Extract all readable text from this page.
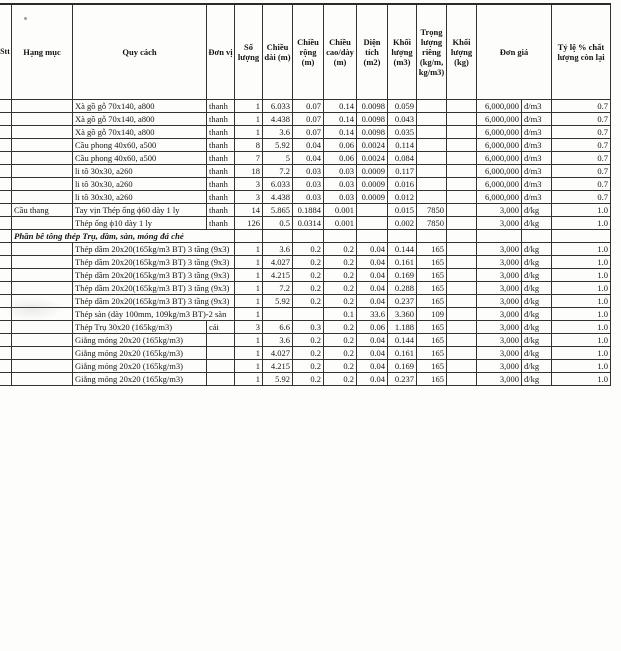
Stt	Hạng mục	Quy cách	Đơn vị	Số lượng	Chiều dài (m)	Chiều rộng (m)	Chiều cao/dày (m)	Diện tích (m2)	Khối lượng (m3)	Trọng lượng riêng (kg/m, kg/m3)	Khối lượng (kg)	Đơn giá		Tỷ lệ % chất lượng còn lại
		Xà gồ gỗ 70x140, a800	thanh	1	6.033	0.07	0.14	0.0098	0.059			6,000,000	đ/m3	0.7
		Xà gồ gỗ 70x140, a800	thanh	1	4.438	0.07	0.14	0.0098	0.043			6,000,000	đ/m3	0.7
		Xà gồ gỗ 70x140, a800	thanh	1	3.6	0.07	0.14	0.0098	0.035			6,000,000	đ/m3	0.7
		Cầu phong 40x60, a500	thanh	8	5.92	0.04	0.06	0.0024	0.114			6,000,000	đ/m3	0.7
		Cầu phong 40x60, a500	thanh	7	5	0.04	0.06	0.0024	0.084			6,000,000	đ/m3	0.7
		li tô 30x30, a260	thanh	18	7.2	0.03	0.03	0.0009	0.117			6,000,000	đ/m3	0.7
		li tô 30x30, a260	thanh	3	6.033	0.03	0.03	0.0009	0.016			6,000,000	đ/m3	0.7
		li tô 30x30, a260	thanh	3	4.438	0.03	0.03	0.0009	0.012			6,000,000	đ/m3	0.7
	Cầu thang	Tay vịn Thép ống ϕ60 dày 1 ly	thanh	14	5.865	0.1884	0.001		0.015	7850		3,000	đ/kg	1.0
		Thép ống ϕ10 dày 1 ly	thanh	126	0.5	0.0314	0.001		0.002	7850		3,000	đ/kg	1.0
	Phần bê tông thép Trụ, dầm, sàn, móng đá chẻ													
		Thép dầm 20x20(165kg/m3 BT) 3 tầng (9x3)		1	3.6	0.2	0.2	0.04	0.144	165		3,000	đ/kg	1.0
		Thép dầm 20x20(165kg/m3 BT) 3 tầng (9x3)		1	4.027	0.2	0.2	0.04	0.161	165		3,000	đ/kg	1.0
		Thép dầm 20x20(165kg/m3 BT) 3 tầng (9x3)		1	4.215	0.2	0.2	0.04	0.169	165		3,000	đ/kg	1.0
		Thép dầm 20x20(165kg/m3 BT) 3 tầng (9x3)		1	7.2	0.2	0.2	0.04	0.288	165		3,000	đ/kg	1.0
		Thép dầm 20x20(165kg/m3 BT) 3 tầng (9x3)		1	5.92	0.2	0.2	0.04	0.237	165		3,000	đ/kg	1.0
		Thép sàn (dày 100mm, 109kg/m3 BT)-2 sàn		1			0.1	33.6	3.360	109		3,000	đ/kg	1.0
		Thép Trụ 30x20 (165kg/m3)	cái	3	6.6	0.3	0.2	0.06	1.188	165		3,000	đ/kg	1.0
		Giằng móng 20x20 (165kg/m3)		1	3.6	0.2	0.2	0.04	0.144	165		3,000	đ/kg	1.0
		Giằng móng 20x20 (165kg/m3)		1	4.027	0.2	0.2	0.04	0.161	165		3,000	đ/kg	1.0
		Giằng móng 20x20 (165kg/m3)		1	4.215	0.2	0.2	0.04	0.169	165		3,000	đ/kg	1.0
		Giằng móng 20x20 (165kg/m3)		1	5.92	0.2	0.2	0.04	0.237	165		3,000	đ/kg	1.0
